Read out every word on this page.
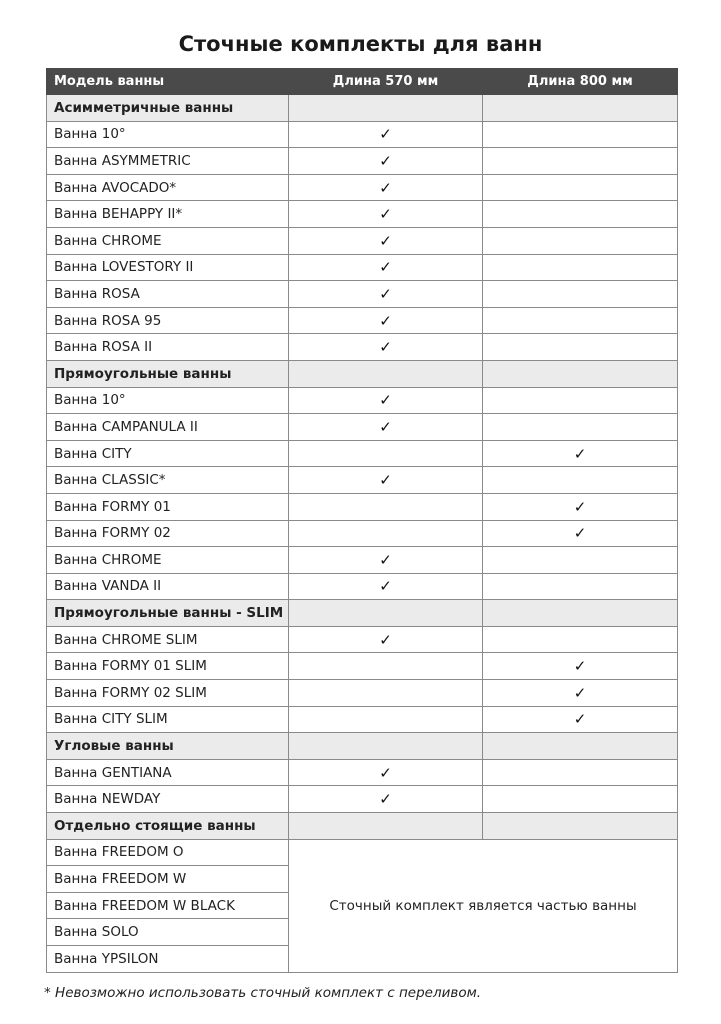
Сточные комплекты для ванн
Модель ванны	Длина 570 мм	Длина 800 мм
Асимметричные ванны		
Ванна 10°	✓	
Ванна ASYMMETRIC	✓	
Ванна AVOCADO*	✓	
Ванна BEHAPPY II*	✓	
Ванна CHROME	✓	
Ванна LOVESTORY II	✓	
Ванна ROSA	✓	
Ванна ROSA 95	✓	
Ванна ROSA II	✓	
Прямоугольные ванны		
Ванна 10°	✓	
Ванна CAMPANULA II	✓	
Ванна CITY		✓
Ванна CLASSIC*	✓	
Ванна FORMY 01		✓
Ванна FORMY 02		✓
Ванна CHROME	✓	
Ванна VANDA II	✓	
Прямоугольные ванны - SLIM		
Ванна CHROME SLIM	✓	
Ванна FORMY 01 SLIM		✓
Ванна FORMY 02 SLIM		✓
Ванна CITY SLIM		✓
Угловые ванны		
Ванна GENTIANA	✓	
Ванна NEWDAY	✓	
Отдельно стоящие ванны		
Ванна FREEDOM O	Сточный комплект является частью ванны	
Ванна FREEDOM W		
Ванна FREEDOM W BLACK		
Ванна SOLO		
Ванна YPSILON		
* Невозможно использовать сточный комплект с переливом.
